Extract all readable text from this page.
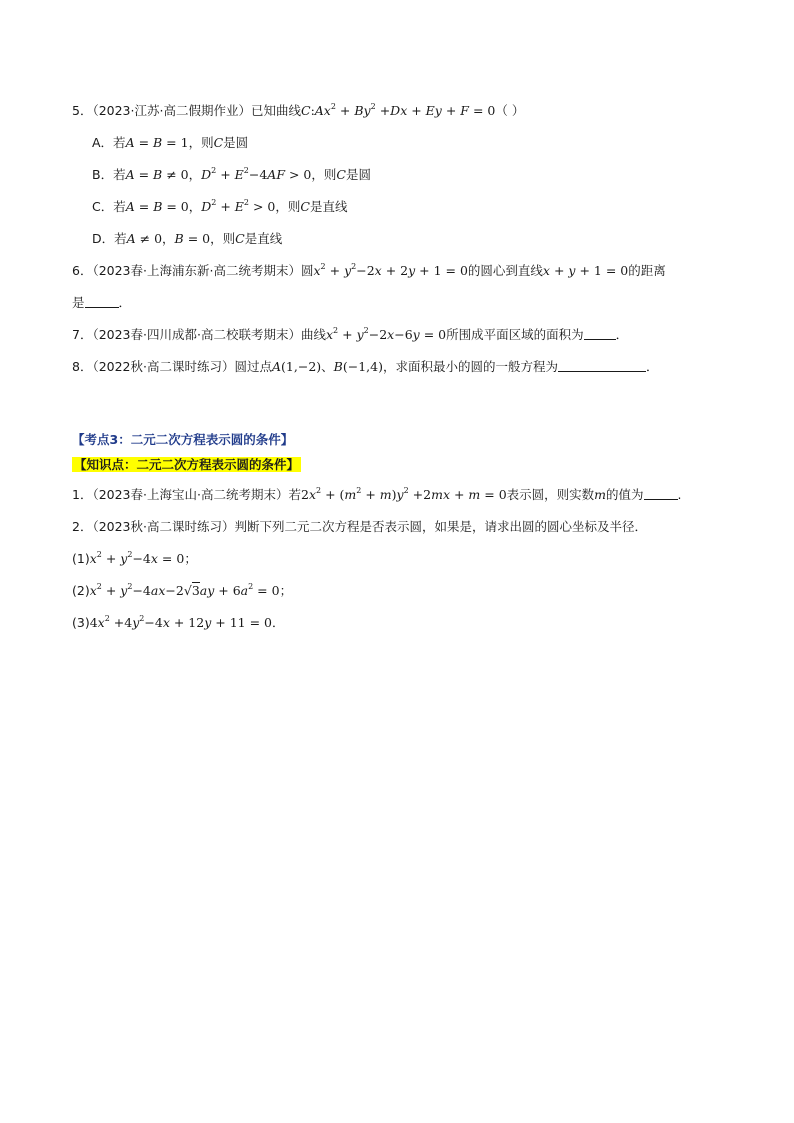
5．（2023·江苏·高二假期作业）已知曲线$C:Ax^2 + By^2 +Dx + Ey + F = 0$（ ）
A．若A = B = 1，则C是圆
B．若A = B ≠ 0，$D^2 + E^2-4AF > 0$，则C是圆
C．若A = B = 0，$D^2 + E^2 > 0$，则C是直线
D．若A ≠ 0，B = 0，则C是直线
6．（2023春·上海浦东新·高二统考期末）圆$x^2 + y^2-2x + 2y + 1 = 0$的圆心到直线x + y + 1 = 0的距离
是	．
7．（2023春·四川成都·高二校联考期末）曲线$x^2 + y^2-2x-6y = 0$所围成平面区域的面积为	．
8．（2022秋·高二课时练习）圆过点A(1,−2)、B(−1,4)，求面积最小的圆的一般方程为	．
【考点3：二元二次方程表示圆的条件】
【知识点：二元二次方程表示圆的条件】
1．（2023春·上海宝山·高二统考期末）若$2x^2 + (m^2 + m)y^2 +2mx + m = 0$表示圆，则实数m的值为	.
2．（2023秋·高二课时练习）判断下列二元二次方程是否表示圆，如果是，请求出圆的圆心坐标及半径．
$(1)x^2 + y^2-4x = 0$；
$(2)x^2 + y^2-4ax-2√3ay + 6a^2 = 0$；
$(3)4x^2 +4y^2-4x + 12y + 11 = 0$．
